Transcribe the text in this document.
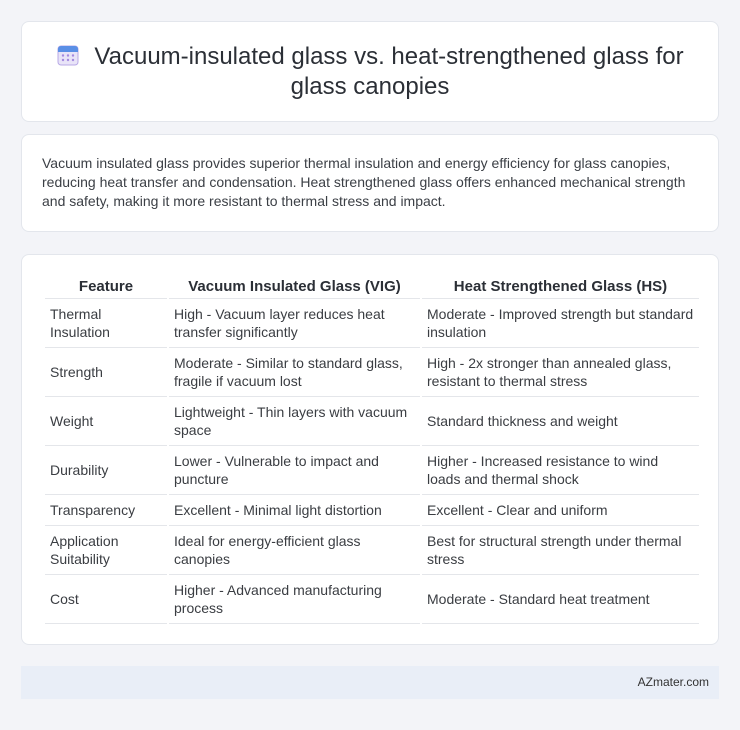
Vacuum-insulated glass vs. heat-strengthened glass for glass canopies

Vacuum insulated glass provides superior thermal insulation and energy efficiency for glass canopies, reducing heat transfer and condensation. Heat strengthened glass offers enhanced mechanical strength and safety, making it more resistant to thermal stress and impact.

Feature	Vacuum Insulated Glass (VIG)	Heat Strengthened Glass (HS)
Thermal Insulation	High - Vacuum layer reduces heat transfer significantly	Moderate - Improved strength but standard insulation
Strength	Moderate - Similar to standard glass, fragile if vacuum lost	High - 2x stronger than annealed glass, resistant to thermal stress
Weight	Lightweight - Thin layers with vacuum space	Standard thickness and weight
Durability	Lower - Vulnerable to impact and puncture	Higher - Increased resistance to wind loads and thermal shock
Transparency	Excellent - Minimal light distortion	Excellent - Clear and uniform
Application Suitability	Ideal for energy-efficient glass canopies	Best for structural strength under thermal stress
Cost	Higher - Advanced manufacturing process	Moderate - Standard heat treatment
AZmater.com
